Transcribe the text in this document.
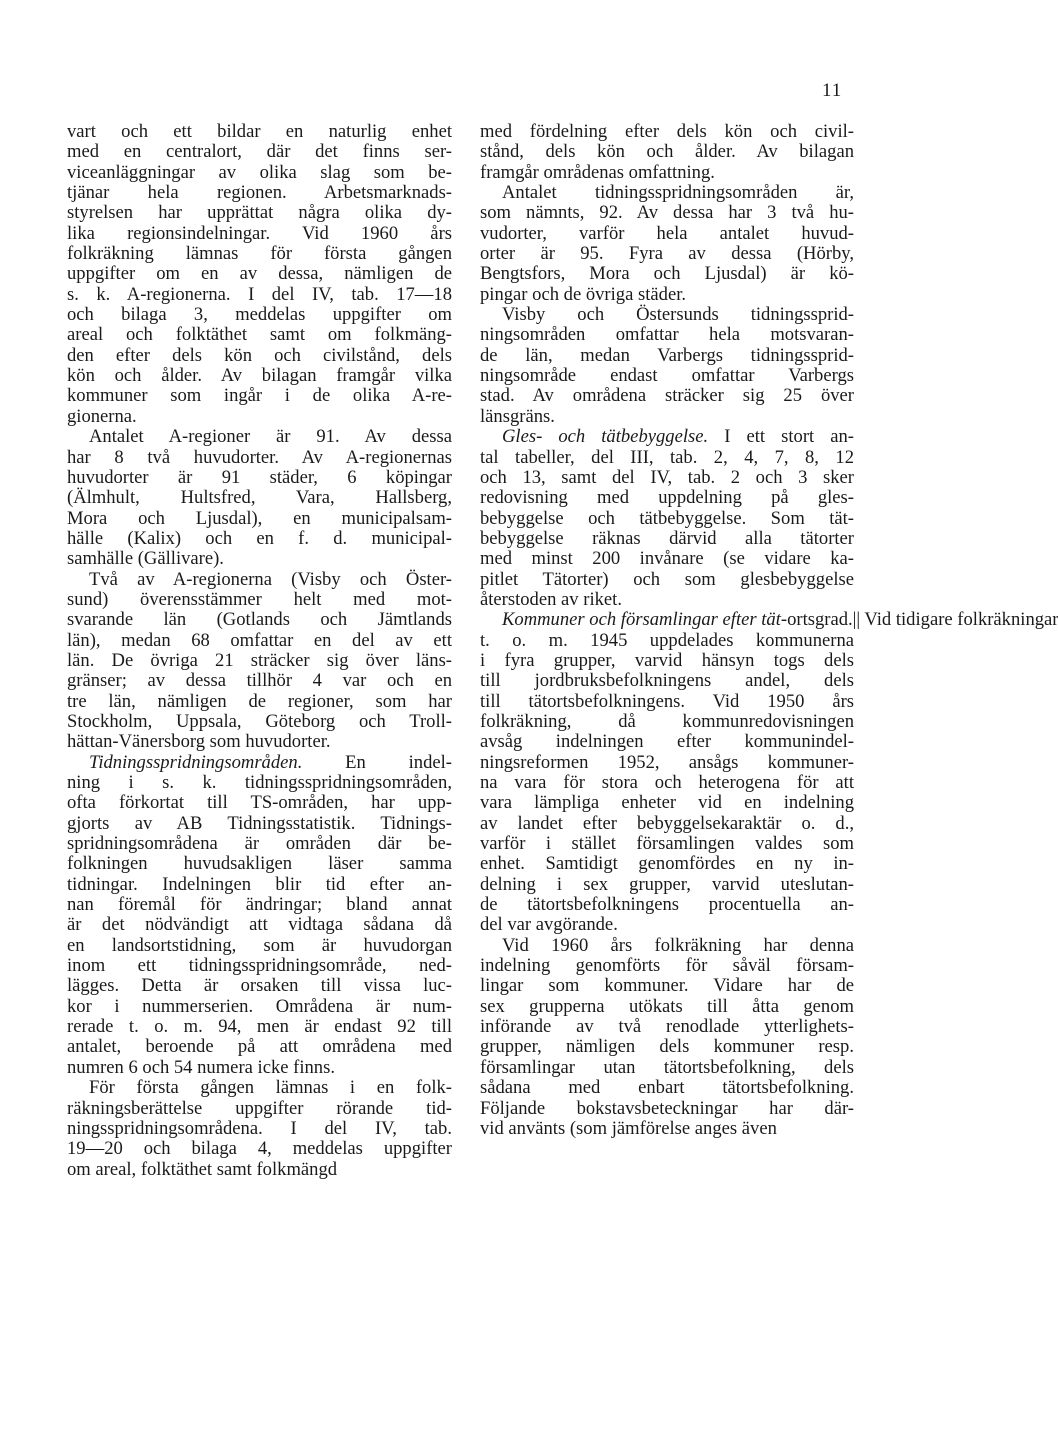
11
vart och ett bildar en naturlig enhet
med en centralort, där det finns ser-
viceanläggningar av olika slag som be-
tjänar hela regionen. Arbetsmarknads-
styrelsen har upprättat några olika dy-
lika regionsindelningar. Vid 1960 års
folkräkning lämnas för första gången
uppgifter om en av dessa, nämligen de
s. k. A-regionerna. I del IV, tab. 17—18
och bilaga 3, meddelas uppgifter om
areal och folktäthet samt om folkmäng-
den efter dels kön och civilstånd, dels
kön och ålder. Av bilagan framgår vilka
kommuner som ingår i de olika A-re-
gionerna.
Antalet A-regioner är 91. Av dessa
har 8 två huvudorter. Av A-regionernas
huvudorter är 91 städer, 6 köpingar
(Älmhult, Hultsfred, Vara, Hallsberg,
Mora och Ljusdal), en municipalsam-
hälle (Kalix) och en f. d. municipal-
samhälle (Gällivare).
Två av A-regionerna (Visby och Öster-
sund) överensstämmer helt med mot-
svarande län (Gotlands och Jämtlands
län), medan 68 omfattar en del av ett
län. De övriga 21 sträcker sig över läns-
gränser; av dessa tillhör 4 var och en
tre län, nämligen de regioner, som har
Stockholm, Uppsala, Göteborg och Troll-
hättan-Vänersborg som huvudorter.
Tidningsspridningsområden. En indel-
ning i s. k. tidningsspridningsområden,
ofta förkortat till TS-områden, har upp-
gjorts av AB Tidningsstatistik. Tidnings-
spridningsområdena är områden där be-
folkningen huvudsakligen läser samma
tidningar. Indelningen blir tid efter an-
nan föremål för ändringar; bland annat
är det nödvändigt att vidtaga sådana då
en landsortstidning, som är huvudorgan
inom ett tidningsspridningsområde, ned-
lägges. Detta är orsaken till vissa luc-
kor i nummerserien. Områdena är num-
rerade t. o. m. 94, men är endast 92 till
antalet, beroende på att områdena med
numren 6 och 54 numera icke finns.
För första gången lämnas i en folk-
räkningsberättelse uppgifter rörande tid-
ningsspridningsområdena. I del IV, tab.
19—20 och bilaga 4, meddelas uppgifter
om areal, folktäthet samt folkmängd
med fördelning efter dels kön och civil-
stånd, dels kön och ålder. Av bilagan
framgår områdenas omfattning.
Antalet tidningsspridningsområden är,
som nämnts, 92. Av dessa har 3 två hu-
vudorter, varför hela antalet huvud-
orter är 95. Fyra av dessa (Hörby,
Bengtsfors, Mora och Ljusdal) är kö-
pingar och de övriga städer.
Visby och Östersunds tidningssprid-
ningsområden omfattar hela motsvaran-
de län, medan Varbergs tidningssprid-
ningsområde endast omfattar Varbergs
stad. Av områdena sträcker sig 25 över
länsgräns.
Gles- och tätbebyggelse. I ett stort an-
tal tabeller, del III, tab. 2, 4, 7, 8, 12
och 13, samt del IV, tab. 2 och 3 sker
redovisning med uppdelning på gles-
bebyggelse och tätbebyggelse. Som tät-
bebyggelse räknas därvid alla tätorter
med minst 200 invånare (se vidare ka-
pitlet Tätorter) och som glesbebyggelse
återstoden av riket.
Kommuner och församlingar efter tät-ortsgrad.|| Vid tidigare folkräkningar
t. o. m. 1945 uppdelades kommunerna
i fyra grupper, varvid hänsyn togs dels
till jordbruksbefolkningens andel, dels
till tätortsbefolkningens. Vid 1950 års
folkräkning, då kommunredovisningen
avsåg indelningen efter kommunindel-
ningsreformen 1952, ansågs kommuner-
na vara för stora och heterogena för att
vara lämpliga enheter vid en indelning
av landet efter bebyggelsekaraktär o. d.,
varför i stället församlingen valdes som
enhet. Samtidigt genomfördes en ny in-
delning i sex grupper, varvid uteslutan-
de tätortsbefolkningens procentuella an-
del var avgörande.
Vid 1960 års folkräkning har denna
indelning genomförts för såväl försam-
lingar som kommuner. Vidare har de
sex grupperna utökats till åtta genom
införande av två renodlade ytterlighets-
grupper, nämligen dels kommuner resp.
församlingar utan tätortsbefolkning, dels
sådana med enbart tätortsbefolkning.
Följande bokstavsbeteckningar har där-
vid använts (som jämförelse anges även
